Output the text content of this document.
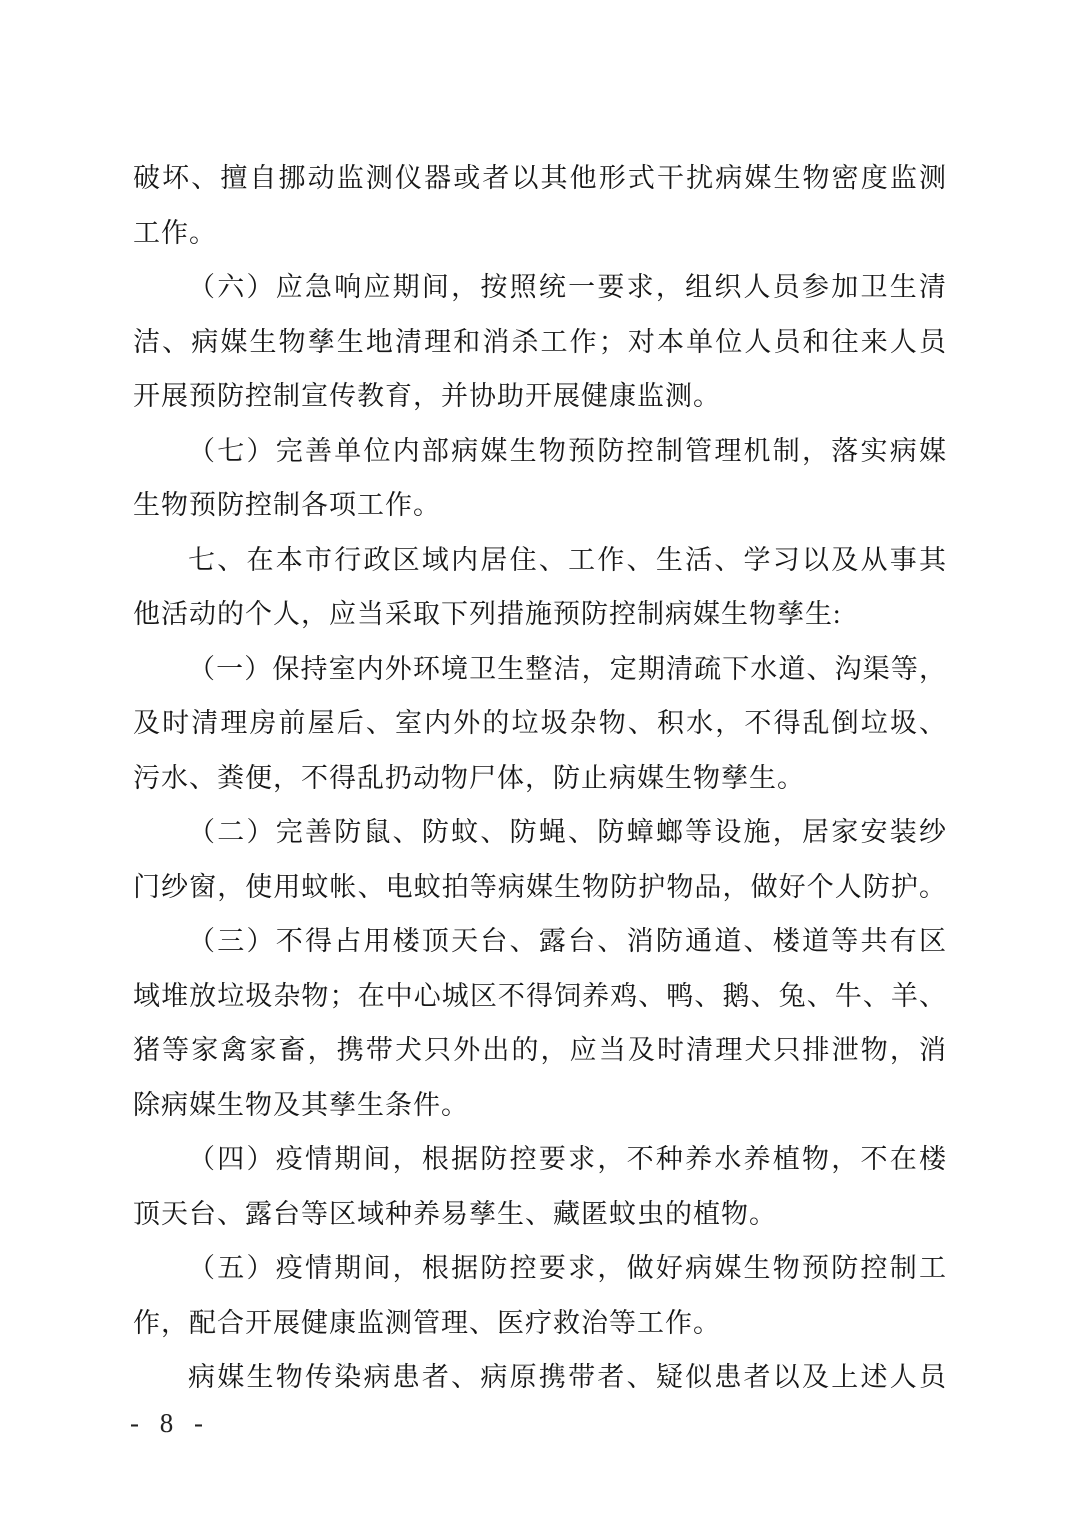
破坏、擅自挪动监测仪器或者以其他形式干扰病媒生物密度监测
工作。
（六）应急响应期间，按照统一要求，组织人员参加卫生清
洁、病媒生物孳生地清理和消杀工作；对本单位人员和往来人员
开展预防控制宣传教育，并协助开展健康监测。
（七）完善单位内部病媒生物预防控制管理机制，落实病媒
生物预防控制各项工作。
七、在本市行政区域内居住、工作、生活、学习以及从事其
他活动的个人，应当采取下列措施预防控制病媒生物孳生:
（一）保持室内外环境卫生整洁，定期清疏下水道、沟渠等，
及时清理房前屋后、室内外的垃圾杂物、积水，不得乱倒垃圾、
污水、粪便，不得乱扔动物尸体，防止病媒生物孳生。
（二）完善防鼠、防蚊、防蝇、防蟑螂等设施，居家安装纱
门纱窗，使用蚊帐、电蚊拍等病媒生物防护物品，做好个人防护。
（三）不得占用楼顶天台、露台、消防通道、楼道等共有区
域堆放垃圾杂物；在中心城区不得饲养鸡、鸭、鹅、兔、牛、羊、
猪等家禽家畜，携带犬只外出的，应当及时清理犬只排泄物，消
除病媒生物及其孳生条件。
（四）疫情期间，根据防控要求，不种养水养植物，不在楼
顶天台、露台等区域种养易孳生、藏匿蚊虫的植物。
（五）疫情期间，根据防控要求，做好病媒生物预防控制工
作，配合开展健康监测管理、医疗救治等工作。
病媒生物传染病患者、病原携带者、疑似患者以及上述人员
- 8 -
